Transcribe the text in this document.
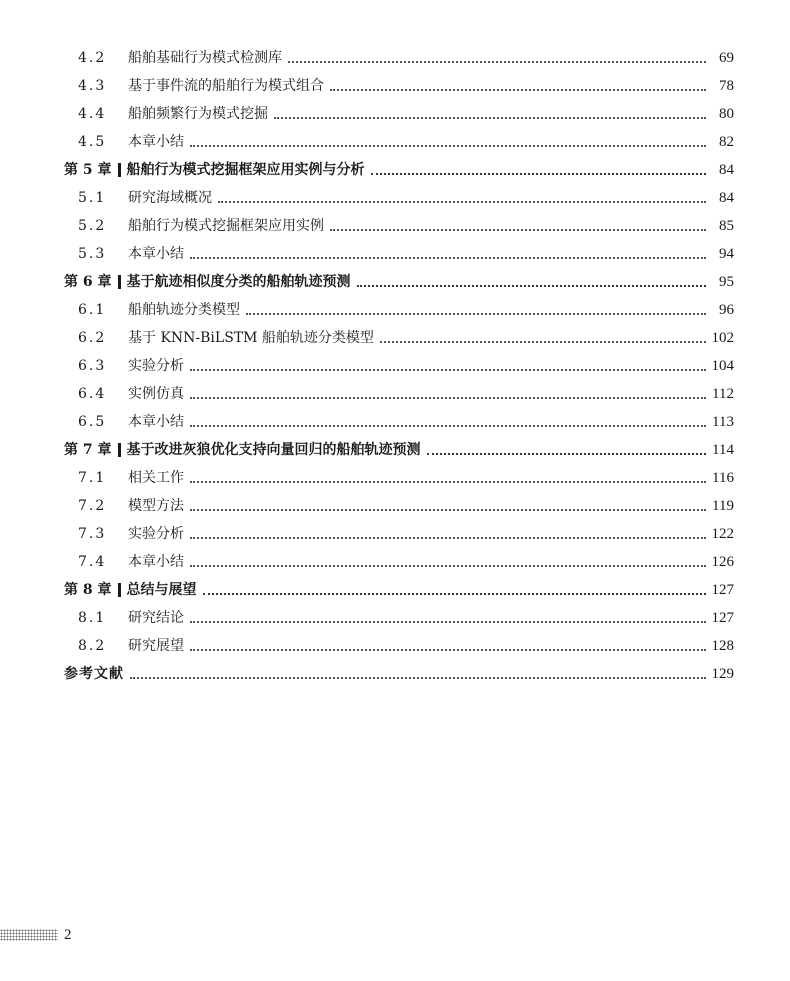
4.2	船舶基础行为模式检测库	69
4.3	基于事件流的船舶行为模式组合	78
4.4	船舶频繁行为模式挖掘	80
4.5	本章小结	82
第 5 章 船舶行为模式挖掘框架应用实例与分析	84
5.1	研究海域概况	84
5.2	船舶行为模式挖掘框架应用实例	85
5.3	本章小结	94
第 6 章 基于航迹相似度分类的船舶轨迹预测	95
6.1	船舶轨迹分类模型	96
6.2	基于 KNN-BiLSTM 船舶轨迹分类模型	102
6.3	实验分析	104
6.4	实例仿真	112
6.5	本章小结	113
第 7 章 基于改进灰狼优化支持向量回归的船舶轨迹预测	114
7.1	相关工作	116
7.2	模型方法	119
7.3	实验分析	122
7.4	本章小结	126
第 8 章 总结与展望	127
8.1	研究结论	127
8.2	研究展望	128
参考文献	129
2
